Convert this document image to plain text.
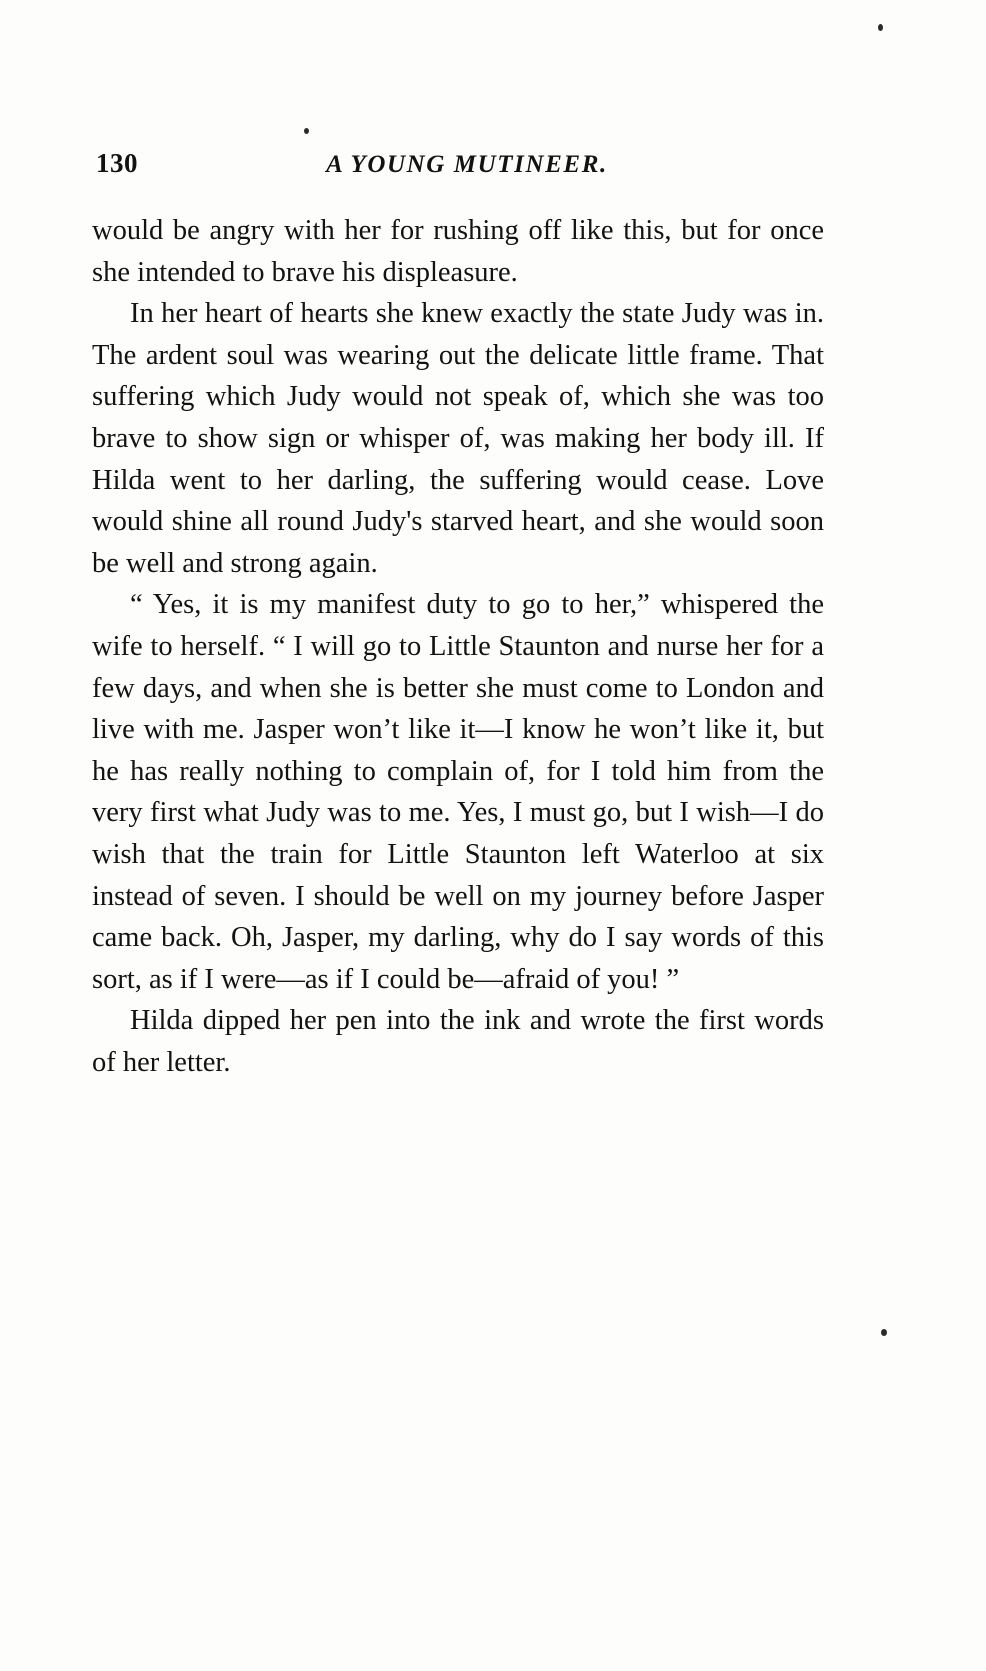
130	A YOUNG MUTINEER.

would be angry with her for rushing off like this, but for once she intended to brave his displeasure.

In her heart of hearts she knew exactly the state Judy was in. The ardent soul was wearing out the delicate little frame. That suffering which Judy would not speak of, which she was too brave to show sign or whisper of, was making her body ill. If Hilda went to her darling, the suffering would cease. Love would shine all round Judy's starved heart, and she would soon be well and strong again.

“ Yes, it is my manifest duty to go to her,” whispered the wife to herself. “ I will go to Little Staunton and nurse her for a few days, and when she is better she must come to London and live with me. Jasper won’t like it—I know he won’t like it, but he has really nothing to complain of, for I told him from the very first what Judy was to me. Yes, I must go, but I wish—I do wish that the train for Little Staunton left Waterloo at six instead of seven. I should be well on my journey before Jasper came back. Oh, Jasper, my darling, why do I say words of this sort, as if I were—as if I could be—afraid of you! ”

Hilda dipped her pen into the ink and wrote the first words of her letter.
